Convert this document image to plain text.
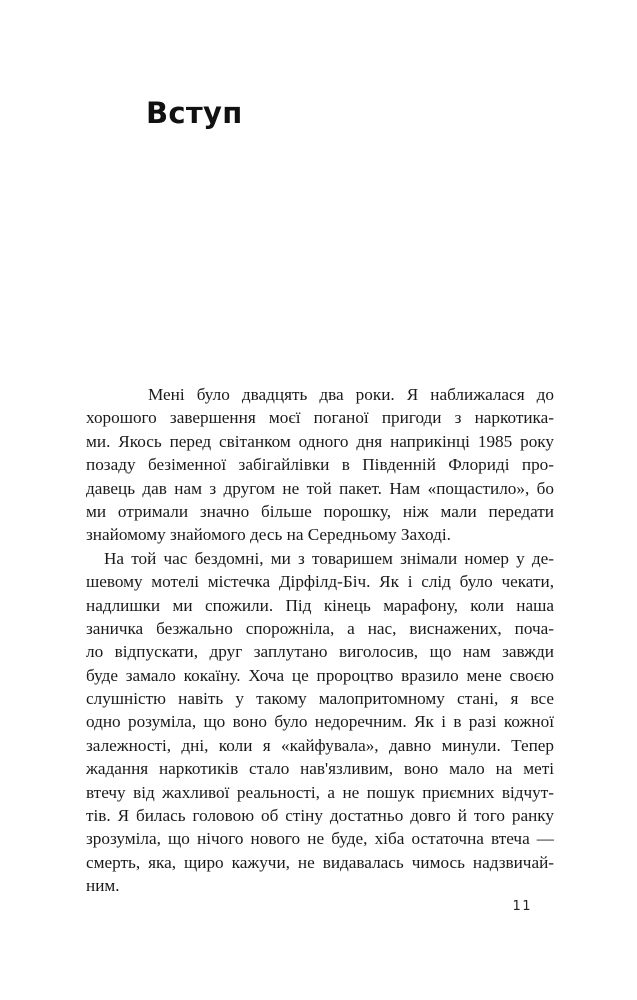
Вступ
Мені було двадцять два роки. Я наближалася до
хорошого завершення моєї поганої пригоди з наркотика-
ми. Якось перед світанком одного дня наприкінці 1985 року
позаду безіменної забігайлівки в Південній Флориді про-
давець дав нам з другом не той пакет. Нам «пощастило», бо
ми отримали значно більше порошку, ніж мали передати
знайомому знайомого десь на Середньому Заході.
На той час бездомні, ми з товаришем знімали номер у де-
шевому мотелі містечка Дірфілд-Біч. Як і слід було чекати,
надлишки ми спожили. Під кінець марафону, коли наша
заничка безжально спорожніла, а нас, виснажених, поча-
ло відпускати, друг заплутано виголосив, що нам завжди
буде замало кокаїну. Хоча це пророцтво вразило мене своєю
слушністю навіть у такому малопритомному стані, я все
одно розуміла, що воно було недоречним. Як і в разі кожної
залежності, дні, коли я «кайфувала», давно минули. Тепер
жадання наркотиків стало нав'язливим, воно мало на меті
втечу від жахливої реальності, а не пошук приємних відчут-
тів. Я билась головою об стіну достатньо довго й того ранку
зрозуміла, що нічого нового не буде, хіба остаточна втеча —
смерть, яка, щиро кажучи, не видавалась чимось надзвичай-
ним.
11
